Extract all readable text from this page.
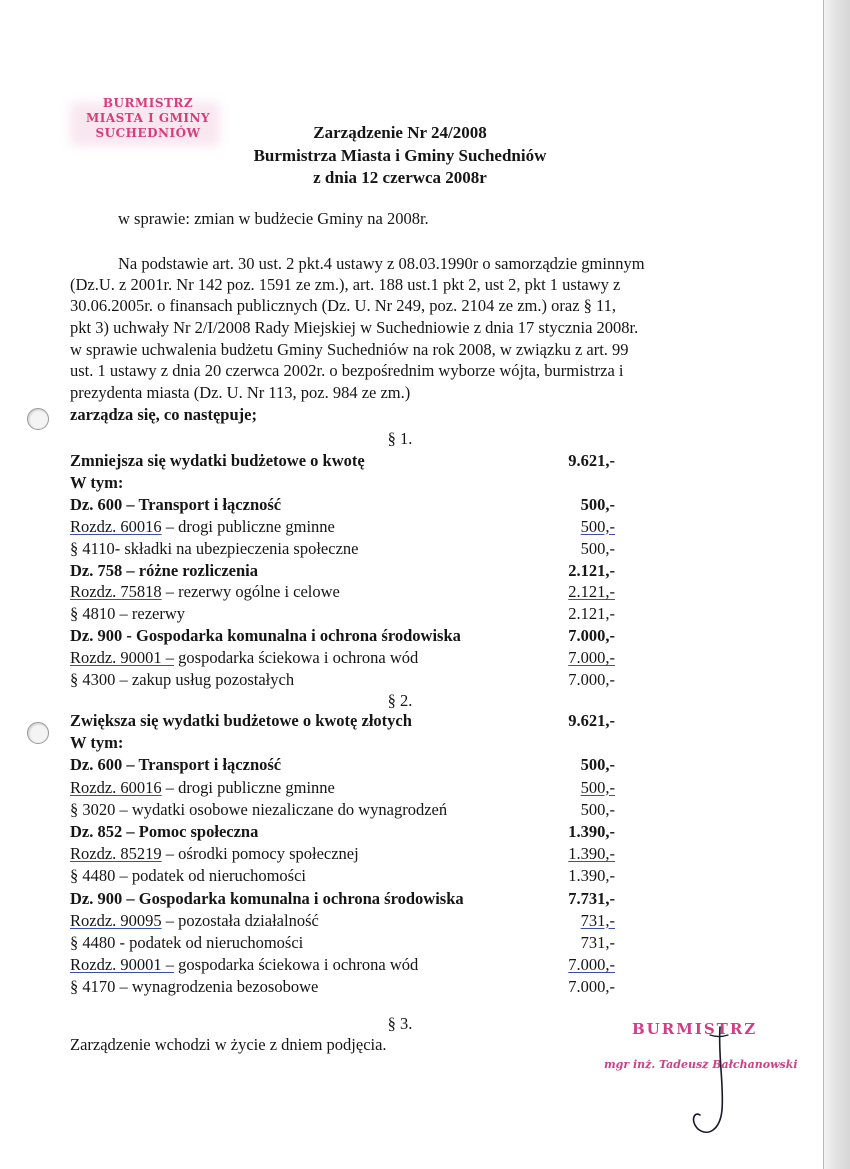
BURMISTRZ
MIASTA I GMINY
SUCHEDNIÓW	Zarządzenie Nr 24/2008
Burmistrza Miasta i Gminy Suchedniów
z dnia 12 czerwca 2008r
w sprawie: zmian w budżecie Gminy na 2008r.
Na podstawie art. 30 ust. 2 pkt.4 ustawy z 08.03.1990r o samorządzie gminnym
(Dz.U. z 2001r. Nr 142 poz. 1591 ze zm.), art. 188 ust.1 pkt 2, ust 2, pkt 1 ustawy z
30.06.2005r. o finansach publicznych (Dz. U. Nr 249, poz. 2104 ze zm.) oraz § 11,
pkt 3) uchwały Nr 2/I/2008 Rady Miejskiej w Suchedniowie z dnia 17 stycznia 2008r.
w sprawie uchwalenia budżetu Gminy Suchedniów na rok 2008, w związku z art. 99
ust. 1 ustawy z dnia 20 czerwca 2002r. o bezpośrednim wyborze wójta, burmistrza i
prezydenta miasta (Dz. U. Nr 113, poz. 984 ze zm.)
zarządza się, co następuje;
§ 1.
Zmniejsza się wydatki budżetowe o kwotę	9.621,-
W tym:
Dz. 600 – Transport i łączność	500,-
Rozdz. 60016 – drogi publiczne gminne	500,-
§ 4110- składki na ubezpieczenia społeczne	500,-
Dz. 758 – różne rozliczenia	2.121,-
Rozdz. 75818 – rezerwy ogólne i celowe	2.121,-
§ 4810 – rezerwy	2.121,-
Dz. 900 - Gospodarka komunalna i ochrona środowiska	7.000,-
Rozdz. 90001 – gospodarka ściekowa i ochrona wód	7.000,-
§ 4300 – zakup usług pozostałych	7.000,-
§ 2.
Zwiększa się wydatki budżetowe o kwotę złotych	9.621,-
W tym:
Dz. 600 – Transport i łączność	500,-
Rozdz. 60016 – drogi publiczne gminne	500,-
§ 3020 – wydatki osobowe niezaliczane do wynagrodzeń	500,-
Dz. 852 – Pomoc społeczna	1.390,-
Rozdz. 85219 – ośrodki pomocy społecznej	1.390,-
§ 4480 – podatek od nieruchomości	1.390,-
Dz. 900 – Gospodarka komunalna i ochrona środowiska	7.731,-
Rozdz. 90095 – pozostała działalność	731,-
§ 4480 - podatek od nieruchomości	731,-
Rozdz. 90001 – gospodarka ściekowa i ochrona wód	7.000,-
§ 4170 – wynagrodzenia bezosobowe	7.000,-
§ 3.
Zarządzenie wchodzi w życie z dniem podjęcia.
BURMISTRZ
mgr inż. Tadeusz Bałchanowski
